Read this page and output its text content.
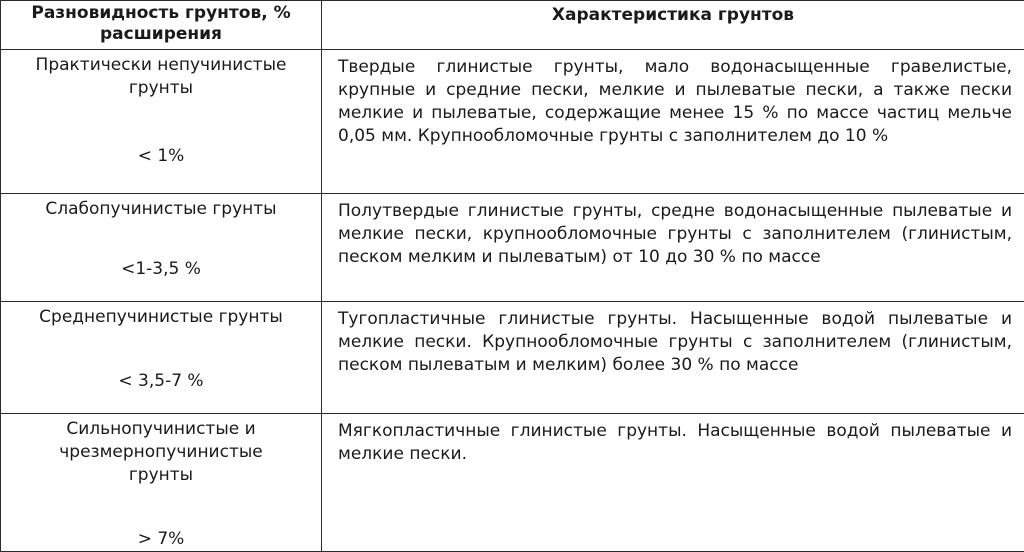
Разновидность грунтов, % расширения	Характеристика грунтов

Практически непучинистые грунты
< 1%	Твердые глинистые грунты, мало водонасыщенные гравелистые, крупные и средние пески, мелкие и пылеватые пески, а также пески мелкие и пылеватые, содержащие менее 15 % по массе частиц мельче 0,05 мм. Крупнообломочные грунты с заполнителем до 10 %

Слабопучинистые грунты
<1-3,5 %	Полутвердые глинистые грунты, средне водонасыщенные пылеватые и мелкие пески, крупнообломочные грунты с заполнителем (глинистым, песком мелким и пылеватым) от 10 до 30 % по массе

Среднепучинистые грунты
< 3,5-7 %	Тугопластичные глинистые грунты. Насыщенные водой пылеватые и мелкие пески. Крупнообломочные грунты с заполнителем (глинистым, песком пылеватым и мелким) более 30 % по массе

Сильнопучинистые и чрезмернопучинистые грунты
> 7%	Мягкопластичные глинистые грунты. Насыщенные водой пылеватые и мелкие пески.
